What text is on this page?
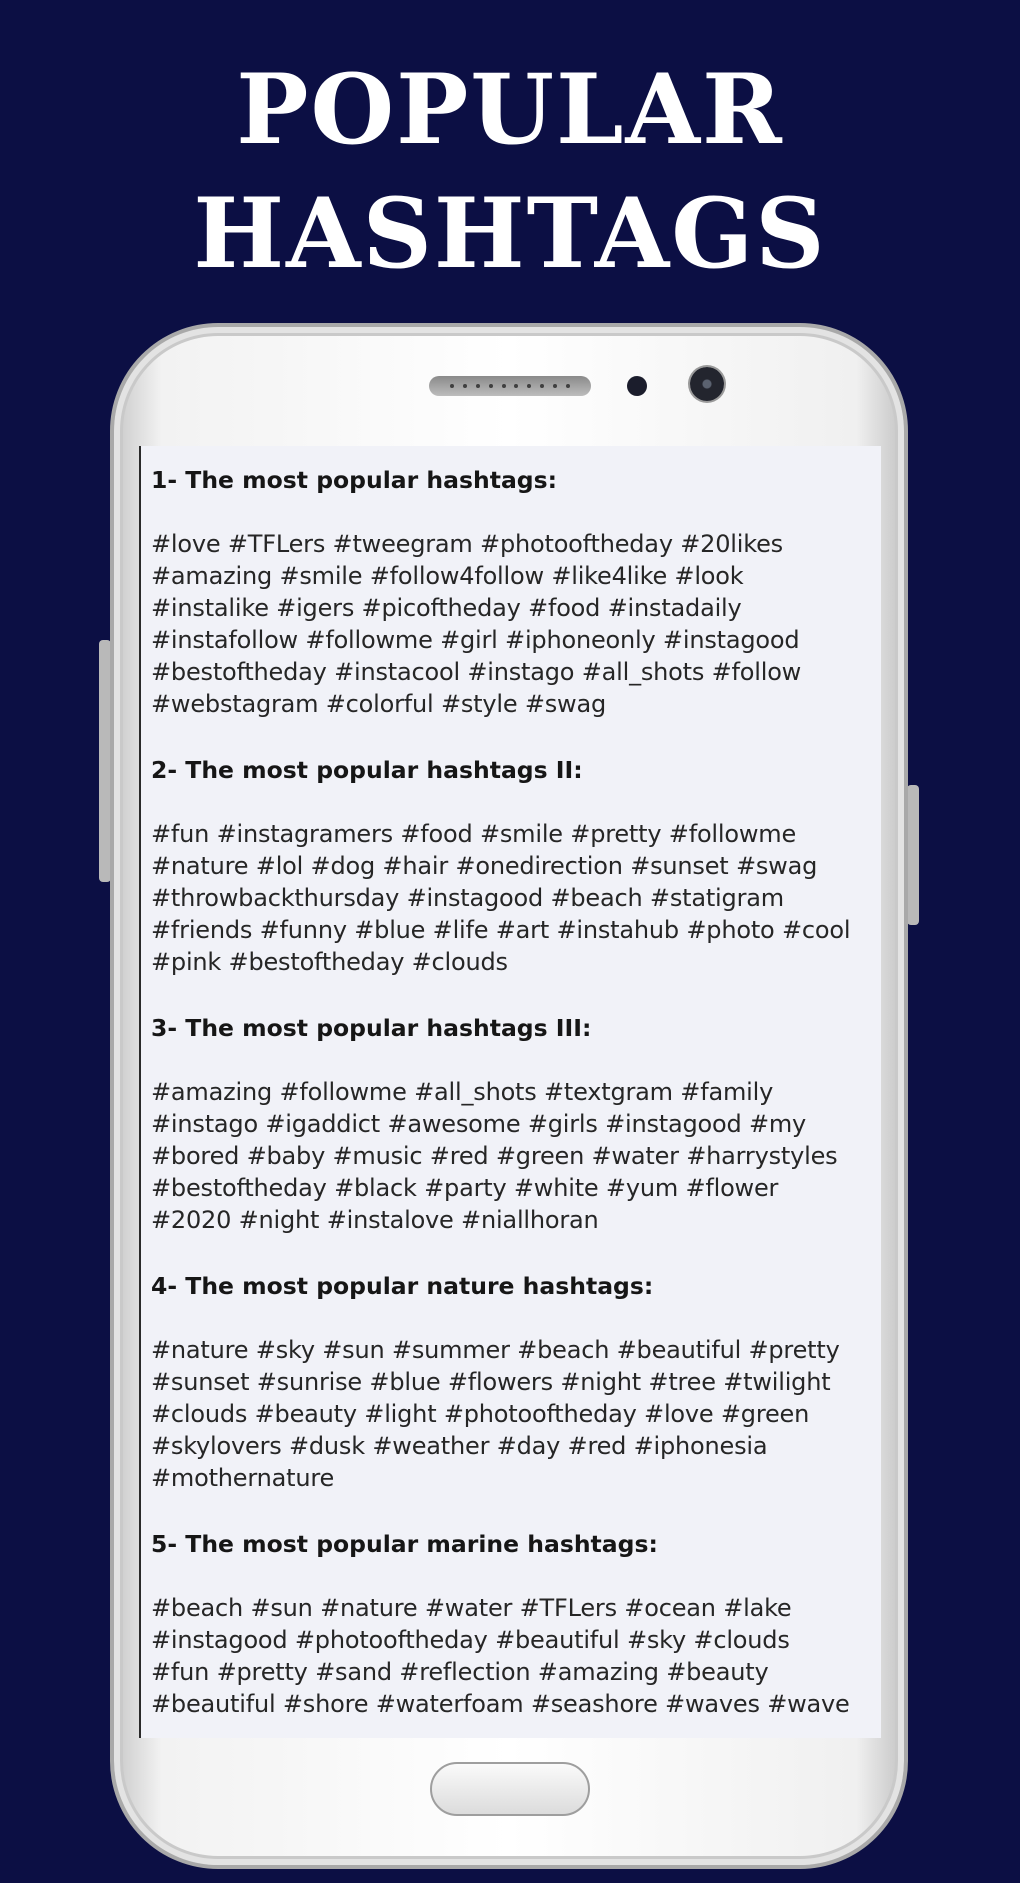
POPULAR
HASHTAGS
1- The most popular hashtags:
#love #TFLers #tweegram #photooftheday #20likes
#amazing #smile #follow4follow #like4like #look
#instalike #igers #picoftheday #food #instadaily
#instafollow #followme #girl #iphoneonly #instagood
#bestoftheday #instacool #instago #all_shots #follow
#webstagram #colorful #style #swag
2- The most popular hashtags II:
#fun #instagramers #food #smile #pretty #followme
#nature #lol #dog #hair #onedirection #sunset #swag
#throwbackthursday #instagood #beach #statigram
#friends #funny #blue #life #art #instahub #photo #cool
#pink #bestoftheday #clouds
3- The most popular hashtags III:
#amazing #followme #all_shots #textgram #family
#instago #igaddict #awesome #girls #instagood #my
#bored #baby #music #red #green #water #harrystyles
#bestoftheday #black #party #white #yum #flower
#2020 #night #instalove #niallhoran
4- The most popular nature hashtags:
#nature #sky #sun #summer #beach #beautiful #pretty
#sunset #sunrise #blue #flowers #night #tree #twilight
#clouds #beauty #light #photooftheday #love #green
#skylovers #dusk #weather #day #red #iphonesia
#mothernature
5- The most popular marine hashtags:
#beach #sun #nature #water #TFLers #ocean #lake
#instagood #photooftheday #beautiful #sky #clouds
#fun #pretty #sand #reflection #amazing #beauty
#beautiful #shore #waterfoam #seashore #waves #wave
